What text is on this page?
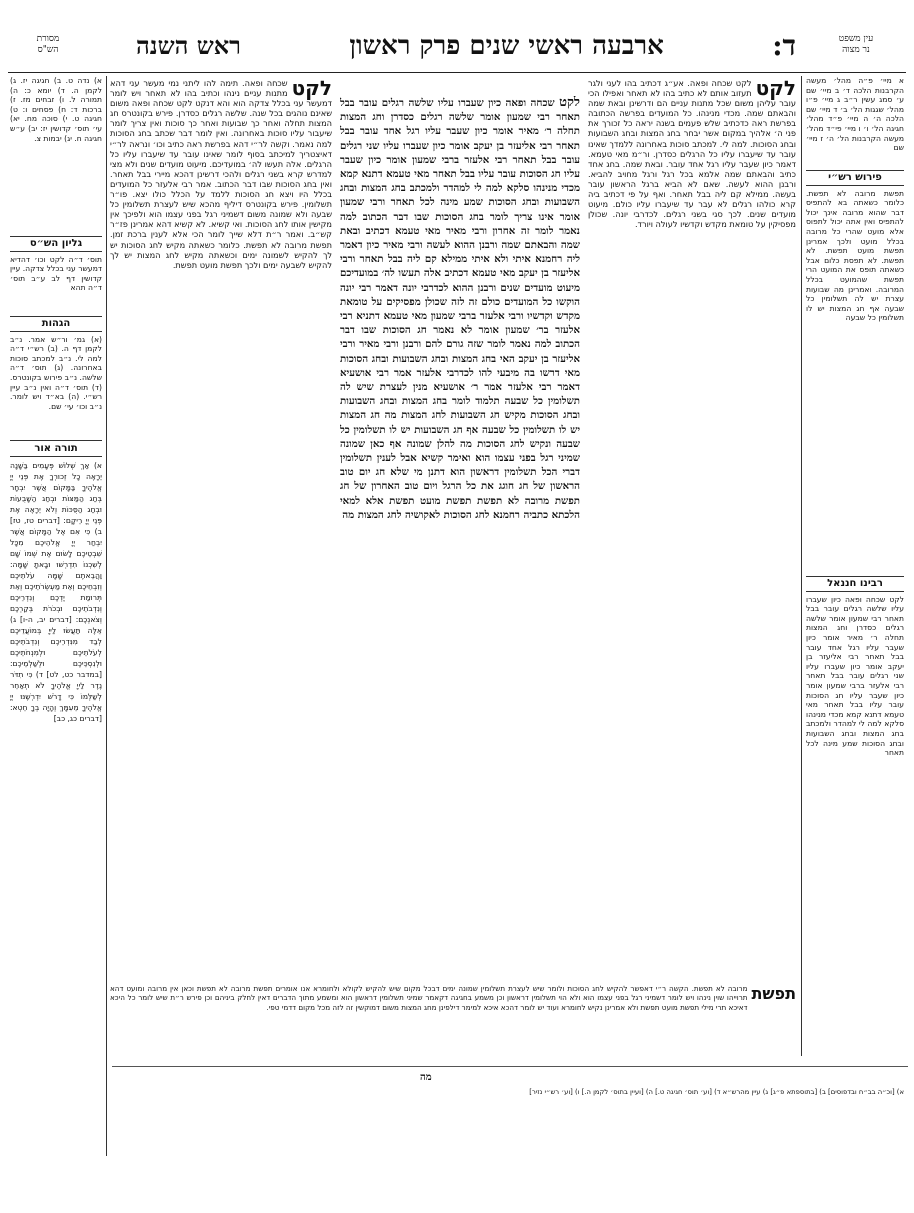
עין משפט
נר מצוה
ד:
ארבעה ראשי שנים פרק ראשון
ראש השנה
מסורת
הש"ס
א מיי׳ פ״ה מהל׳ מעשה הקרבנות הלכה ד׳ ב מיי׳ שם ע׳ סמג עשין ר״ב ג מיי׳ פ״ו מהל׳ שגגות הל׳ ב׳ ד מיי׳ שם הלכה ה׳ ה מיי׳ פ״ד מהל׳ חגיגה הל׳ ו׳ ו מיי׳ פי״ד מהל׳ מעשה הקרבנות הל׳ ה׳ ז מיי׳ שם
פירוש רש״י
תפשת מרובה לא תפשת. כלומר כשאתה בא להתפיס דבר שהוא מרובה אינך יכול להתפיס ואין אתה יכול לתפוס אלא מועט שהרי כל מרובה בכלל מועט ולכך אמרינן תפשת מועט תפשת. לא תפשת. לא תפסת כלום אבל כשאתה תופס את המועט הרי תפשת שהמועט בכלל המרובה. ואמרינן מה שבועות עצרת יש לה תשלומין כל שבעה אף חג המצות יש לו תשלומין כל שבעה
רבינו חננאל
לקט שכחה ופאה כיון שעברו עליו שלשה רגלים עובר בבל תאחר רבי שמעון אומר שלשה רגלים כסדרן וחג המצות תחלה ר׳ מאיר אומר כיון שעבר עליו רגל אחד עובר בבל תאחר רבי אליעזר בן יעקב אומר כיון שעברו עליו שני רגלים עובר בבל תאחר רבי אלעזר ברבי שמעון אומר כיון שעבר עליו חג הסוכות עובר עליו בבל תאחר מאי טעמא דתנא קמא מכדי מנינהו סלקא למה לי למהדר ולמכתב בחג המצות ובחג השבועות ובחג הסוכות שמע מינה לכל תאחר
לקט
לקט שכחה ופאה. אע״ג דכתיב בהו לעני ולגר תעזוב אותם לא כתיב בהו לא תאחר ואפילו הכי עובר עליהן משום שכל מתנות עניים הם ודרשינן ובאת שמה והבאתם שמה. מכדי מנינהו. כל המועדים בפרשה הכתובה בפרשת ראה כדכתיב שלש פעמים בשנה יראה כל זכורך את פני ה׳ אלהיך במקום אשר יבחר בחג המצות ובחג השבועות ובחג הסוכות. למה לי. למכתב סוכות באחרונה ללמדך שאינו עובר עד שיעברו עליו כל הרגלים כסדרן. ור״מ מאי טעמא. דאמר כיון שעבר עליו רגל אחד עובר. ובאת שמה. בחג אחד כתיב והבאתם שמה אלמא בכל רגל ורגל מחויב להביא. ורבנן ההוא לעשה. שאם לא הביא ברגל הראשון עובר בעשה. ממילא קם ליה בבל תאחר. ואף על פי דכתיב ביה קרא כולהו רגלים לא עבר עד שיעברו עליו כולם. מיעוט מועדים שנים. לכך סגי בשני רגלים. לכדרבי יונה. שכולן מפסיקין על טומאת מקדש וקדשיו לעולה ויורד.
לקט שכחה ופאה כיון שעברו עליו שלשה רגלים עובר בבל תאחר רבי שמעון אומר שלשה רגלים כסדרן וחג המצות תחלה ר׳ מאיר אומר כיון שעבר עליו רגל אחד עובר בבל תאחר רבי אליעזר בן יעקב אומר כיון שעברו עליו שני רגלים עובר בבל תאחר רבי אלעזר ברבי שמעון אומר כיון שעבר עליו חג הסוכות עובר עליו בבל תאחר מאי טעמא דתנא קמא מכדי מנינהו סלקא למה לי למהדר ולמכתב בחג המצות ובחג השבועות ובחג הסוכות שמע מינה לכל תאחר ורבי שמעון אומר אינו צריך לומר בחג הסוכות שבו דבר הכתוב למה נאמר לומר זה אחרון ורבי מאיר מאי טעמא דכתיב ובאת שמה והבאתם שמה ורבנן ההוא לעשה ורבי מאיר כיון דאמר ליה רחמנא איתי ולא איתי ממילא קם ליה בבל תאחר ורבי אליעזר בן יעקב מאי טעמא דכתיב אלה תעשו לה׳ במועדיכם מיעוט מועדים שנים ורבנן ההוא לכדרבי יונה דאמר רבי יונה הוקשו כל המועדים כולם זה לזה שכולן מפסיקים על טומאת מקדש וקדשיו ורבי אלעזר ברבי שמעון מאי טעמא דתניא רבי אלעזר בר׳ שמעון אומר לא נאמר חג הסוכות שבו דבר הכתוב למה נאמר לומר שזה גורם להם ורבנן ורבי מאיר ורבי אליעזר בן יעקב האי בחג המצות ובחג השבועות ובחג הסוכות מאי דרשו בה מיבעי להו לכדרבי אלעזר אמר רבי אושעיא דאמר רבי אלעזר אמר ר׳ אושעיא מנין לעצרת שיש לה תשלומין כל שבעה תלמוד לומר בחג המצות ובחג השבועות ובחג הסוכות מקיש חג השבועות לחג המצות מה חג המצות יש לו תשלומין כל שבעה אף חג השבועות יש לו תשלומין כל שבעה ונקיש לחג הסוכות מה להלן שמונה אף כאן שמונה שמיני רגל בפני עצמו הוא ואימר קשיא אבל לענין תשלומין דברי הכל תשלומין דראשון הוא דתנן מי שלא חג יום טוב הראשון של חג חוגג את כל הרגל ויום טוב האחרון של חג תפשת מרובה לא תפשת תפשת מועט תפשת אלא למאי הלכתא כתביה רחמנא לחג הסוכות לאקושיה לחג המצות מה
לקט
שכחה ופאה. תימה להו ליתני נמי מעשר עני דהא מתנות עניים נינהו וכתיב בהו לא תאחר ויש לומר דמעשר עני בכלל צדקה הוא והא דנקט לקט שכחה ופאה משום שאינם נוהגים בכל שנה. שלשה רגלים כסדרן. פירש בקונטרס חג המצות תחלה ואחר כך שבועות ואחר כך סוכות ואין צריך לומר שיעבור עליו סוכות באחרונה. ואין לומר דבר שכתב בחג הסוכות למה נאמר. וקשה לר״י דהא בפרשת ראה כתיב וכו׳ ונראה לר״י דאיצטריך למיכתב בסוף לומר שאינו עובר עד שיעברו עליו כל הרגלים. אלה תעשו לה׳ במועדיכם. מיעוט מועדים שנים ולא מצי למדרש קרא בשני רגלים ולהכי דרשינן דהכא מיירי בבל תאחר. ואין בחג הסוכות שבו דבר הכתוב. אמר רבי אלעזר כל המועדים בכלל היו ויצא חג הסוכות ללמד על הכלל כולו יצא. פו״ר תשלומין. פירש בקונטרס דיליף מהכא שיש לעצרת תשלומין כל שבעה ולא שמונה משום דשמיני רגל בפני עצמו הוא ולפיכך אין מקישין אותו לחג הסוכות. ואי קשיא. לא קשיא דהא אמרינן פז״ר קש״ב. ואמר ר״ת דלא שייך לומר הכי אלא לענין ברכת זמן. תפשת מרובה לא תפשת. כלומר כשאתה מקיש לחג הסוכות יש לך להקיש לשמונה ימים וכשאתה מקיש לחג המצות יש לך להקיש לשבעה ימים ולכך תפשת מועט תפשת.
א) נדה ט. ב) חגיגה יז. ג) לקמן ה. ד) יומא כ: ה) תמורה ל. ו) זבחים מז. ז) ברכות ד: ח) פסחים ו: ט) חגיגה ט. י) סוכה מח. יא) עי׳ תוס׳ קדושין יז: יב) ע״ש חגיגה ח. יג) יבמות צ.
גליון הש״ס
תוס׳ ד״ה לקט וכו׳ דהדיא דמעשר עני בכלל צדקה. עיין קדושין דף לב ע״ב תוס׳ ד״ה תהא
הגהות
(א) גמ׳ ור״ש אמר. נ״ב לקמן דף ה. (ב) רש״י ד״ה למה לי. נ״ב למכתב סוכות באחרונה. (ג) תוס׳ ד״ה שלשה. נ״ב פירוש בקונטרס. (ד) תוס׳ ד״ה ואין נ״ב עיין רש״י. (ה) בא״ד ויש לומר. נ״ב וכו׳ עי׳ שם.
תורה אור
א) אַךְ שְׁלוֹשׁ פְּעָמִים בַּשָּׁנָה יֵרָאֶה כָל זְכוּרְךָ אֶת פְּנֵי יְיָ אֱלֹהֶיךָ בַּמָּקוֹם אֲשֶׁר יִבְחָר בְּחַג הַמַּצּוֹת וּבְחַג הַשָּׁבֻעוֹת וּבְחַג הַסֻּכּוֹת וְלֹא יֵרָאֶה אֶת פְּנֵי יְיָ רֵיקָם: [דברים טז, טז] ב) כִּי אִם אֶל הַמָּקוֹם אֲשֶׁר יִבְחַר יְיָ אֱלֹהֵיכֶם מִכָּל שִׁבְטֵיכֶם לָשׂוּם אֶת שְׁמוֹ שָׁם לְשִׁכְנוֹ תִדְרְשׁוּ וּבָאתָ שָּׁמָּה: וַהֲבֵאתֶם שָׁמָּה עֹלֹתֵיכֶם וְזִבְחֵיכֶם וְאֵת מַעְשְׂרֹתֵיכֶם וְאֵת תְּרוּמַת יֶדְכֶם וְנִדְרֵיכֶם וְנִדְבֹתֵיכֶם וּבְכֹרֹת בְּקַרְכֶם וְצֹאנְכֶם: [דברים יב, ה-ו] ג) אֵלֶּה תַּעֲשׂוּ לַייָ בְּמוֹעֲדֵיכֶם לְבַד מִנִּדְרֵיכֶם וְנִדְבֹתֵיכֶם לְעֹלֹתֵיכֶם וּלְמִנְחֹתֵיכֶם וּלְנִסְכֵּיכֶם וּלְשַׁלְמֵיכֶם: [במדבר כט, לט] ד) כִּי תִדֹּר נֶדֶר לַייָ אֱלֹהֶיךָ לֹא תְאַחֵר לְשַׁלְּמוֹ כִּי דָרֹשׁ יִדְרְשֶׁנּוּ יְיָ אֱלֹהֶיךָ מֵעִמָּךְ וְהָיָה בְךָ חֵטְא: [דברים כג, כב]
תפשת
מרובה לא תפשת. הקשה ר״י דאפשר להקיש לחג הסוכות ולומר שיש לעצרת תשלומין שמונה ימים דבכל מקום שיש להקיש לקולא ולחומרא אנו אומרים תפשת מרובה לא תפשת וכאן אין מרובה ומועט דהא תרוייהו שוין נינהו ויש לומר דשמיני רגל בפני עצמו הוא ולא הוי תשלומין דראשון וכן משמע בחגיגה דקאמר שמיני תשלומין דראשון הוא ומשמע מתוך הדברים דאין לחלק ביניהם וכן פירש ר״ת שיש לומר כל היכא דאיכא תרי מילי תפשת מועט תפשת ולא אמרינן נקיש לחומרא ועוד יש לומר דהכא איכא למימר דילפינן מחג המצות משום דמוקשין זה לזה מכל מקום דדמי טפי.
מה
א) [וכ״ה בב״ח ובדפוסים] ב) [בתוספתא פ״ג] ג) עיין מהרש״א ד) [וע׳ תוס׳ חגיגה ט.] ה) [ועיין בתוס׳ לקמן ה.] ו) [וע׳ רש״י נזיר]
